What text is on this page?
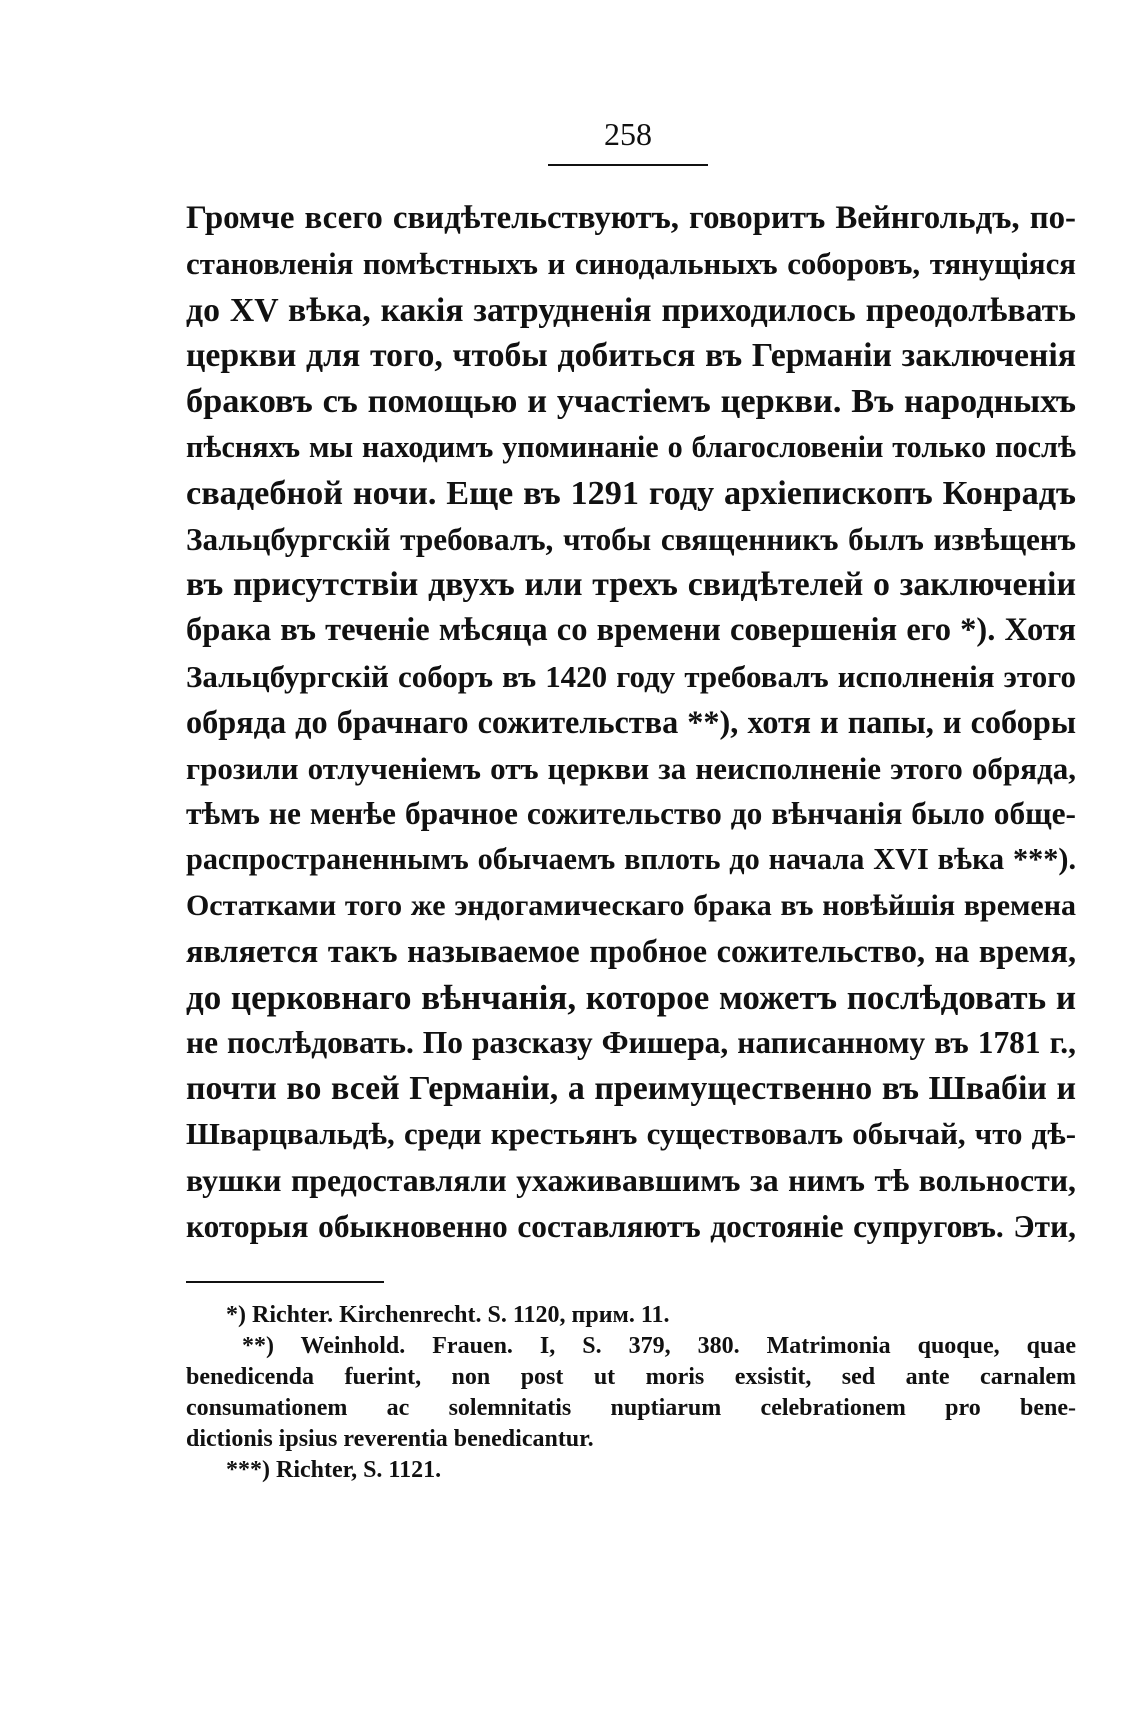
258
Громче всего свидѣтельствуютъ, говоритъ Вейнгольдъ, по-
становленія помѣстныхъ и синодальныхъ соборовъ, тянущіяся
до XV вѣка, какія затрудненія приходилось преодолѣвать
церкви для того, чтобы добиться въ Германіи заключенія
браковъ съ помощью и участіемъ церкви. Въ народныхъ
пѣсняхъ мы находимъ упоминаніе о благословеніи только послѣ
свадебной ночи. Еще въ 1291 году архіепископъ Конрадъ
Зальцбургскій требовалъ, чтобы священникъ былъ извѣщенъ
въ присутствіи двухъ или трехъ свидѣтелей о заключеніи
брака въ теченіе мѣсяца со времени совершенія его *). Хотя
Зальцбургскій соборъ въ 1420 году требовалъ исполненія этого
обряда до брачнаго сожительства **), хотя и папы, и соборы
грозили отлученіемъ отъ церкви за неисполненіе этого обряда,
тѣмъ не менѣе брачное сожительство до вѣнчанія было обще-
распространеннымъ обычаемъ вплоть до начала XVI вѣка ***).
Остатками того же эндогамическаго брака въ новѣйшія времена
является такъ называемое пробное сожительство, на время,
до церковнаго вѣнчанія, которое можетъ послѣдовать и
не послѣдовать. По разсказу Фишера, написанному въ 1781 г.,
почти во всей Германіи, а преимущественно въ Швабіи и
Шварцвальдѣ, среди крестьянъ существовалъ обычай, что дѣ-
вушки предоставляли ухаживавшимъ за нимъ тѣ вольности,
которыя обыкновенно составляютъ достояніе супруговъ. Эти,
*) Richter. Kirchenrecht. S. 1120, прим. 11.
**) Weinhold. Frauen. I, S. 379, 380. Matrimonia quoque, quae
benedicenda fuerint, non post ut moris exsistit, sed ante carnalem
consumationem ac solemnitatis nuptiarum celebrationem pro bene-
dictionis ipsius reverentia benedicantur.
***) Richter, S. 1121.
